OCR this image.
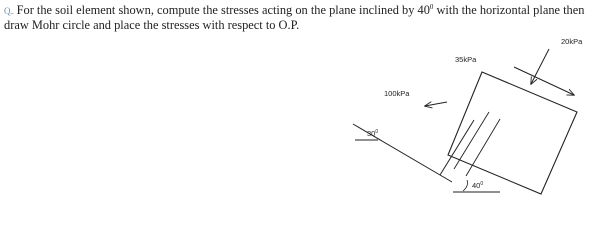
Q.. For the soil element shown, compute the stresses acting on the plane inclined by $40^0$ with the horizontal plane then draw Mohr circle and place the stresses with respect to O.P.

20kPa
35kPa
100kPa
$30^0$
$40^0$
